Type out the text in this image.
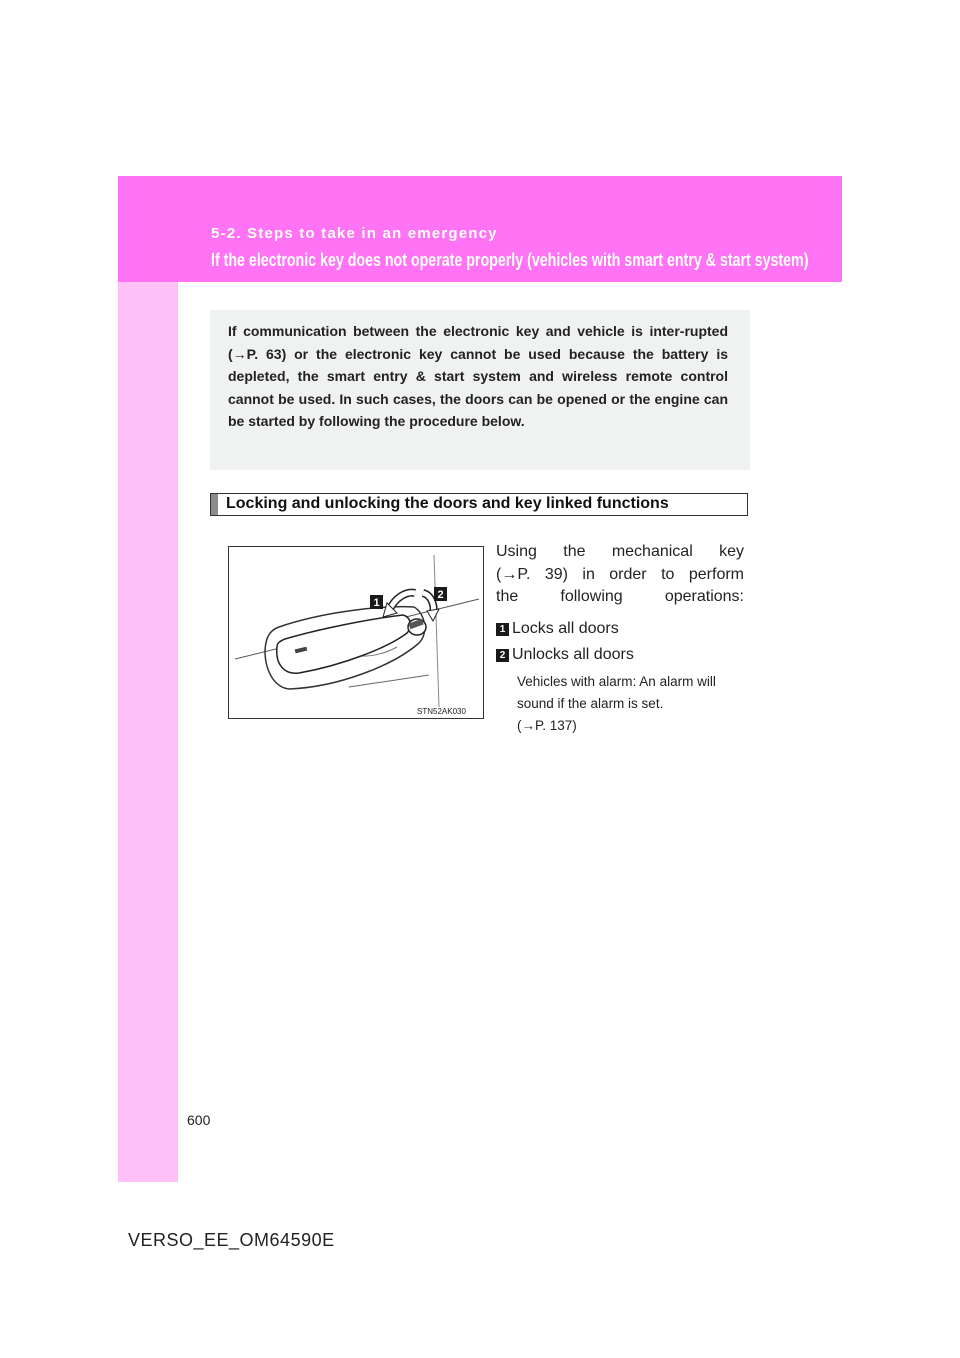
5-2. Steps to take in an emergency
If the electronic key does not operate properly (vehicles with smart entry & start system)

If communication between the electronic key and vehicle is inter-rupted (→P. 63) or the electronic key cannot be used because the battery is depleted, the smart entry & start system and wireless remote control cannot be used. In such cases, the doors can be opened or the engine can be started by following the procedure below.

Locking and unlocking the doors and key linked functions
1
2
STN52AK030

Using the mechanical key
(→P. 39) in order to perform
the following operations:

1 Locks all doors
2 Unlocks all doors
Vehicles with alarm: An alarm will
sound if the alarm is set.
(→P. 137)
600
VERSO_EE_OM64590E
